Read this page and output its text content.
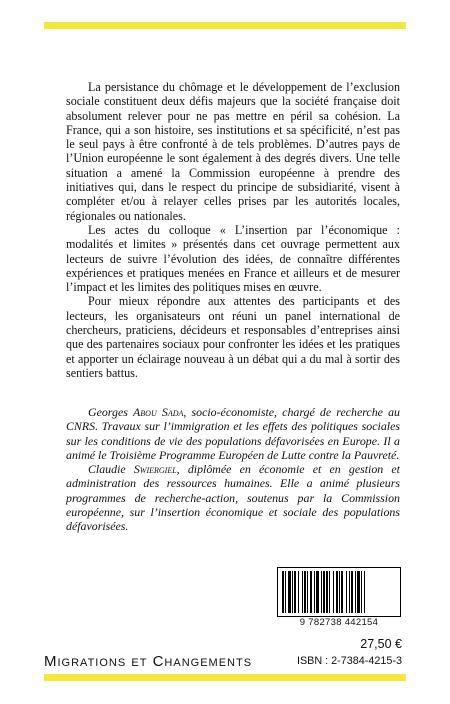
La persistance du chômage et le développement de l’exclusion sociale constituent deux défis majeurs que la société française doit absolument relever pour ne pas mettre en péril sa cohésion. La France, qui a son histoire, ses institutions et sa spécificité, n’est pas le seul pays à être confronté à de tels problèmes. D’autres pays de l’Union européenne le sont également à des degrés divers. Une telle situation a amené la Commission européenne à prendre des initiatives qui, dans le respect du principe de subsidiarité, visent à compléter et/ou à relayer celles prises par les autorités locales, régionales ou nationales.

Les actes du colloque « L’insertion par l’économique : modalités et limites » présentés dans cet ouvrage permettent aux lecteurs de suivre l’évolution des idées, de connaître différentes expériences et pratiques menées en France et ailleurs et de mesurer l’impact et les limites des politiques mises en œuvre.

Pour mieux répondre aux attentes des participants et des lecteurs, les organisateurs ont réuni un panel international de chercheurs, praticiens, décideurs et responsables d’entreprises ainsi que des partenaires sociaux pour confronter les idées et les pratiques et apporter un éclairage nouveau à un débat qui a du mal à sortir des sentiers battus.

Georges Abou Sada, socio-économiste, chargé de recherche au CNRS. Travaux sur l’immigration et les effets des politiques sociales sur les conditions de vie des populations défavorisées en Europe. Il a animé le Troisième Programme Européen de Lutte contre la Pauvreté.

Claudie Swiergiel, diplômée en économie et en gestion et administration des ressources humaines. Elle a animé plusieurs programmes de recherche-action, soutenus par la Commission européenne, sur l’insertion économique et sociale des populations défavorisées.

9 782738 442154
Migrations et Changements
27,50 €
ISBN : 2-7384-4215-3
